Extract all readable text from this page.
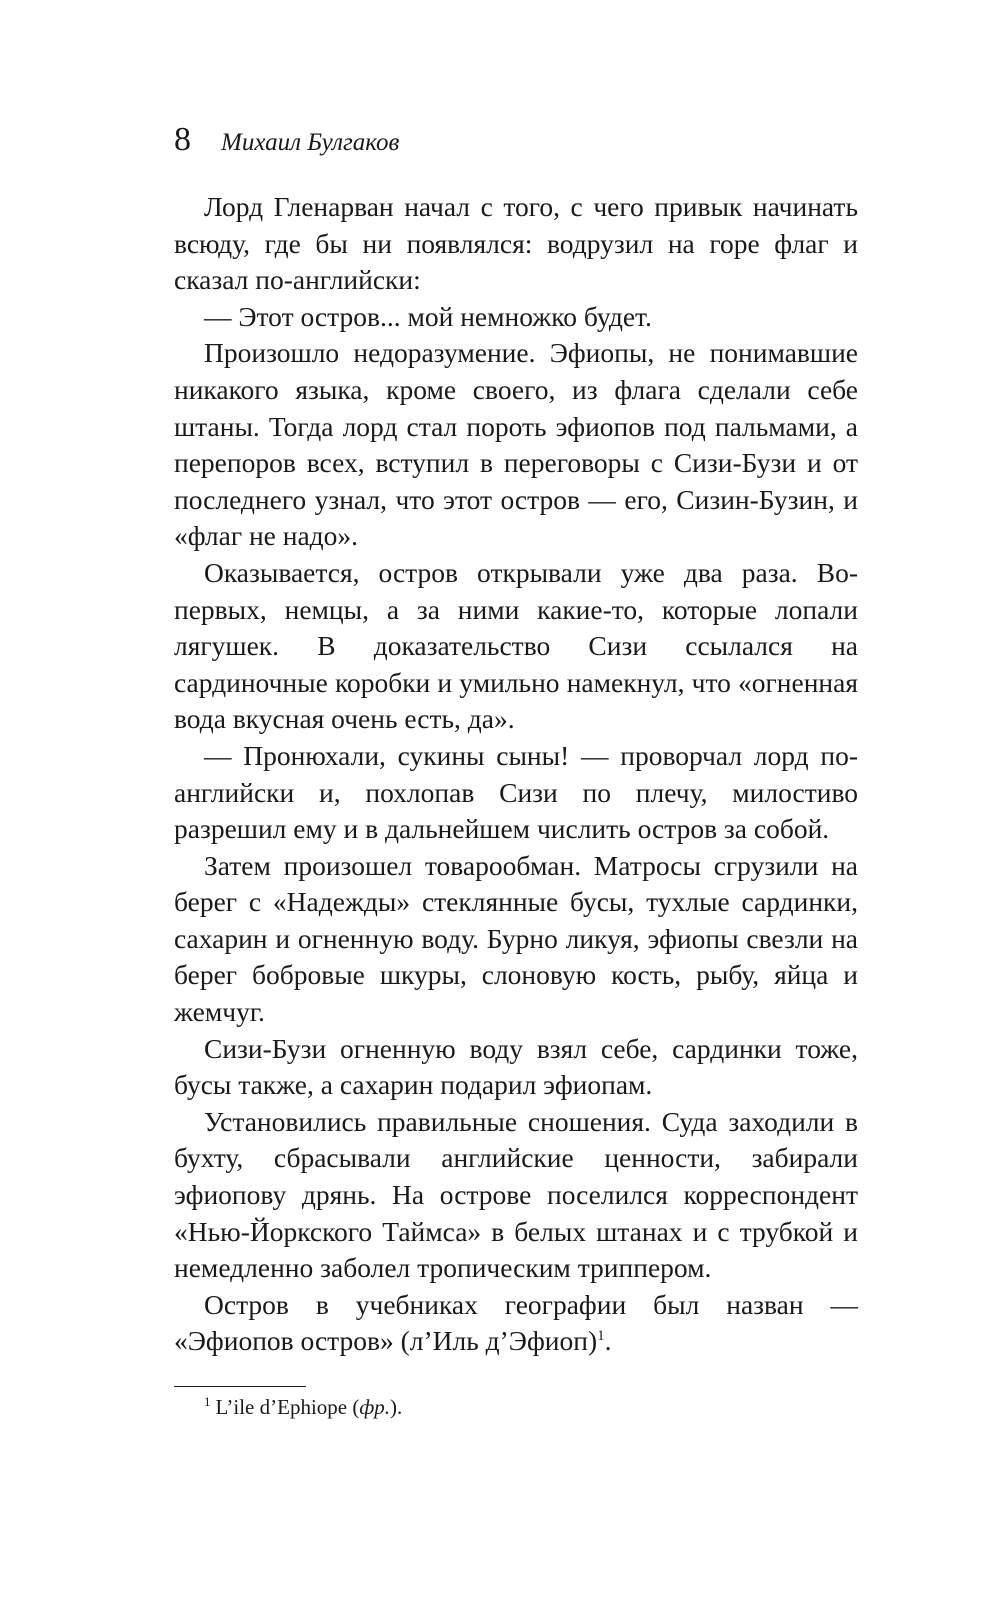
8 Михаил Булгаков

Лорд Гленарван начал с того, с чего привык начинать всюду, где бы ни появлялся: водрузил на горе флаг и сказал по-английски:

— Этот остров... мой немножко будет.

Произошло недоразумение. Эфиопы, не понимавшие никакого языка, кроме своего, из флага сделали себе штаны. Тогда лорд стал пороть эфиопов под пальмами, а перепоров всех, вступил в переговоры с Сизи-Бузи и от последнего узнал, что этот остров — его, Сизин-Бузин, и «флаг не надо».

Оказывается, остров открывали уже два раза. Во-первых, немцы, а за ними какие-то, которые лопали лягушек. В доказательство Сизи ссылался на сардиночные коробки и умильно намекнул, что «огненная вода вкусная очень есть, да».

— Пронюхали, сукины сыны! — проворчал лорд по-английски и, похлопав Сизи по плечу, милостиво разрешил ему и в дальнейшем числить остров за собой.

Затем произошел товарообман. Матросы сгрузили на берег с «Надежды» стеклянные бусы, тухлые сардинки, сахарин и огненную воду. Бурно ликуя, эфиопы свезли на берег бобровые шкуры, слоновую кость, рыбу, яйца и жемчуг.

Сизи-Бузи огненную воду взял себе, сардинки тоже, бусы также, а сахарин подарил эфиопам.

Установились правильные сношения. Суда заходили в бухту, сбрасывали английские ценности, забирали эфиопову дрянь. На острове поселился корреспондент «Нью-Йоркского Таймса» в белых штанах и с трубкой и немедленно заболел тропическим триппером.

Остров в учебниках географии был назван — «Эфиопов остров» (л’Иль д’Эфиоп)$^1$.

$^1$ L’ile d’Ephiope (фр.).
